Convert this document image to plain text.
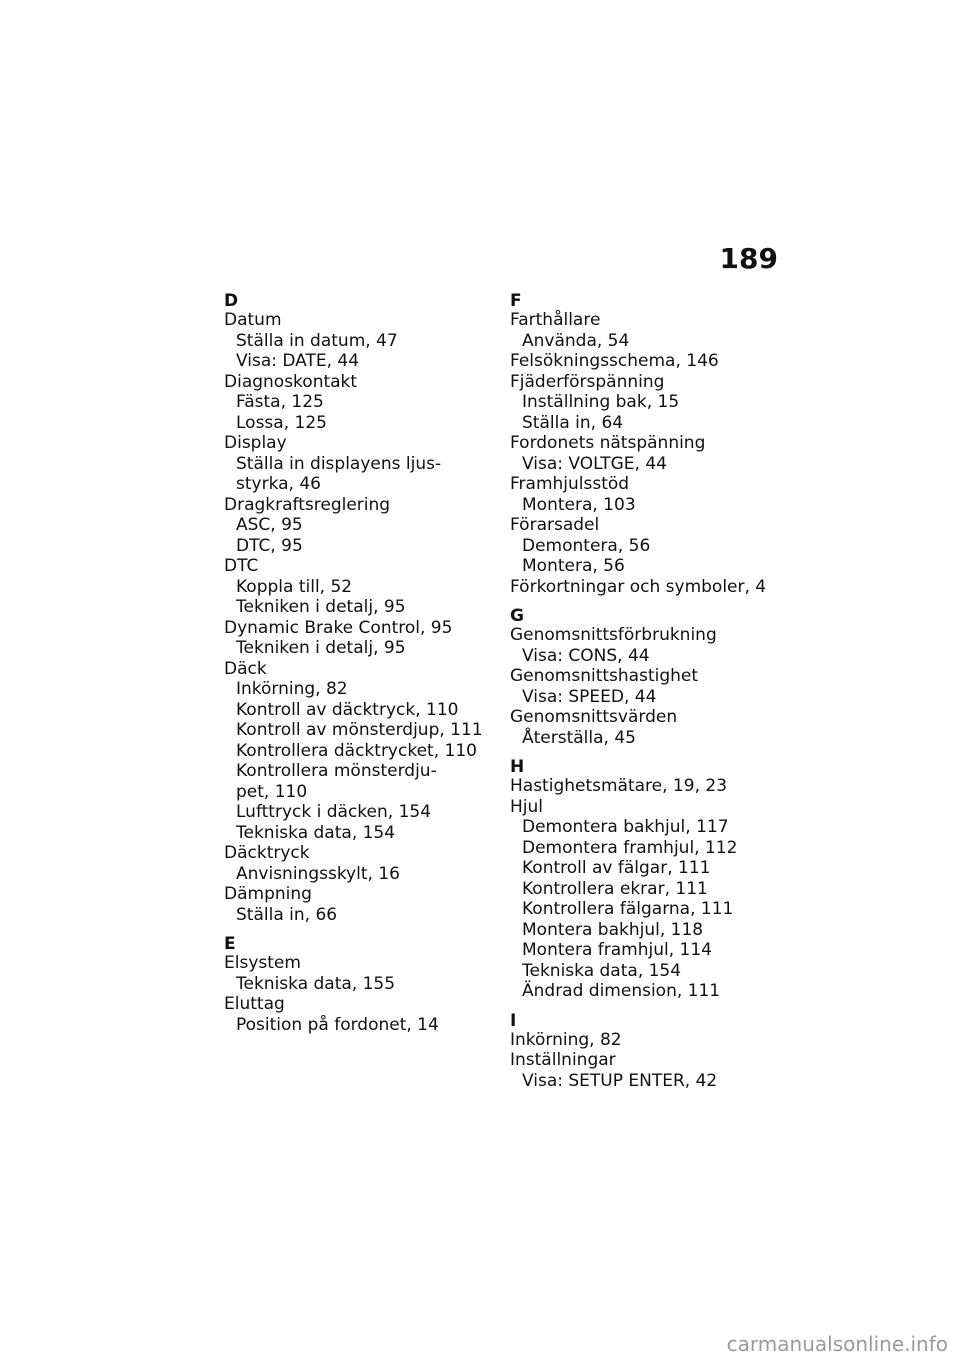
189
D
Datum
Ställa in datum, 47
Visa: DATE, 44
Diagnoskontakt
Fästa, 125
Lossa, 125
Display
Ställa in displayens ljus-
styrka, 46
Dragkraftsreglering
ASC, 95
DTC, 95
DTC
Koppla till, 52
Tekniken i detalj, 95
Dynamic Brake Control, 95
Tekniken i detalj, 95
Däck
Inkörning, 82
Kontroll av däcktryck, 110
Kontroll av mönsterdjup, 111
Kontrollera däcktrycket, 110
Kontrollera mönsterdju-
pet, 110
Lufttryck i däcken, 154
Tekniska data, 154
Däcktryck
Anvisningsskylt, 16
Dämpning
Ställa in, 66
E
Elsystem
Tekniska data, 155
Eluttag
Position på fordonet, 14
F
Farthållare
Använda, 54
Felsökningsschema, 146
Fjäderförspänning
Inställning bak, 15
Ställa in, 64
Fordonets nätspänning
Visa: VOLTGE, 44
Framhjulsstöd
Montera, 103
Förarsadel
Demontera, 56
Montera, 56
Förkortningar och symboler, 4
G
Genomsnittsförbrukning
Visa: CONS, 44
Genomsnittshastighet
Visa: SPEED, 44
Genomsnittsvärden
Återställa, 45
H
Hastighetsmätare, 19, 23
Hjul
Demontera bakhjul, 117
Demontera framhjul, 112
Kontroll av fälgar, 111
Kontrollera ekrar, 111
Kontrollera fälgarna, 111
Montera bakhjul, 118
Montera framhjul, 114
Tekniska data, 154
Ändrad dimension, 111
I
Inkörning, 82
Inställningar
Visa: SETUP ENTER, 42
carmanualsonline.info
